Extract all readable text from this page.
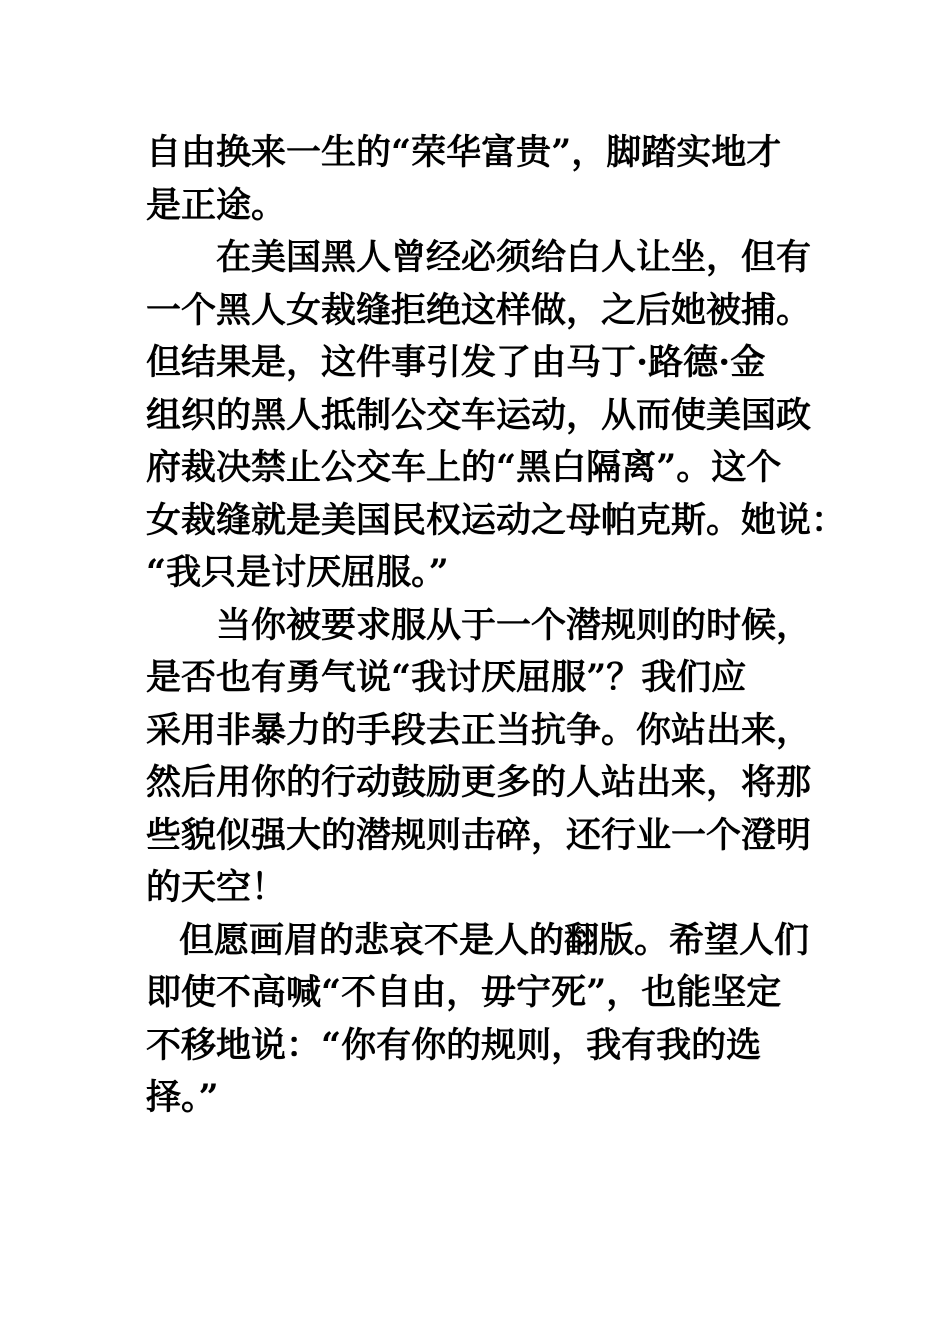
自由换来一生的“荣华富贵”，脚踏实地才
是正途。
在美国黑人曾经必须给白人让坐，但有
一个黑人女裁缝拒绝这样做，之后她被捕。
但结果是，这件事引发了由马丁·路德·金
组织的黑人抵制公交车运动，从而使美国政
府裁决禁止公交车上的“黑白隔离”。这个
女裁缝就是美国民权运动之母帕克斯。她说：
“我只是讨厌屈服。”
当你被要求服从于一个潜规则的时候，
是否也有勇气说“我讨厌屈服”？我们应
采用非暴力的手段去正当抗争。你站出来，
然后用你的行动鼓励更多的人站出来，将那
些貌似强大的潜规则击碎，还行业一个澄明
的天空！
但愿画眉的悲哀不是人的翻版。希望人们
即使不高喊“不自由，毋宁死”，也能坚定
不移地说：“你有你的规则，我有我的选
择。”
